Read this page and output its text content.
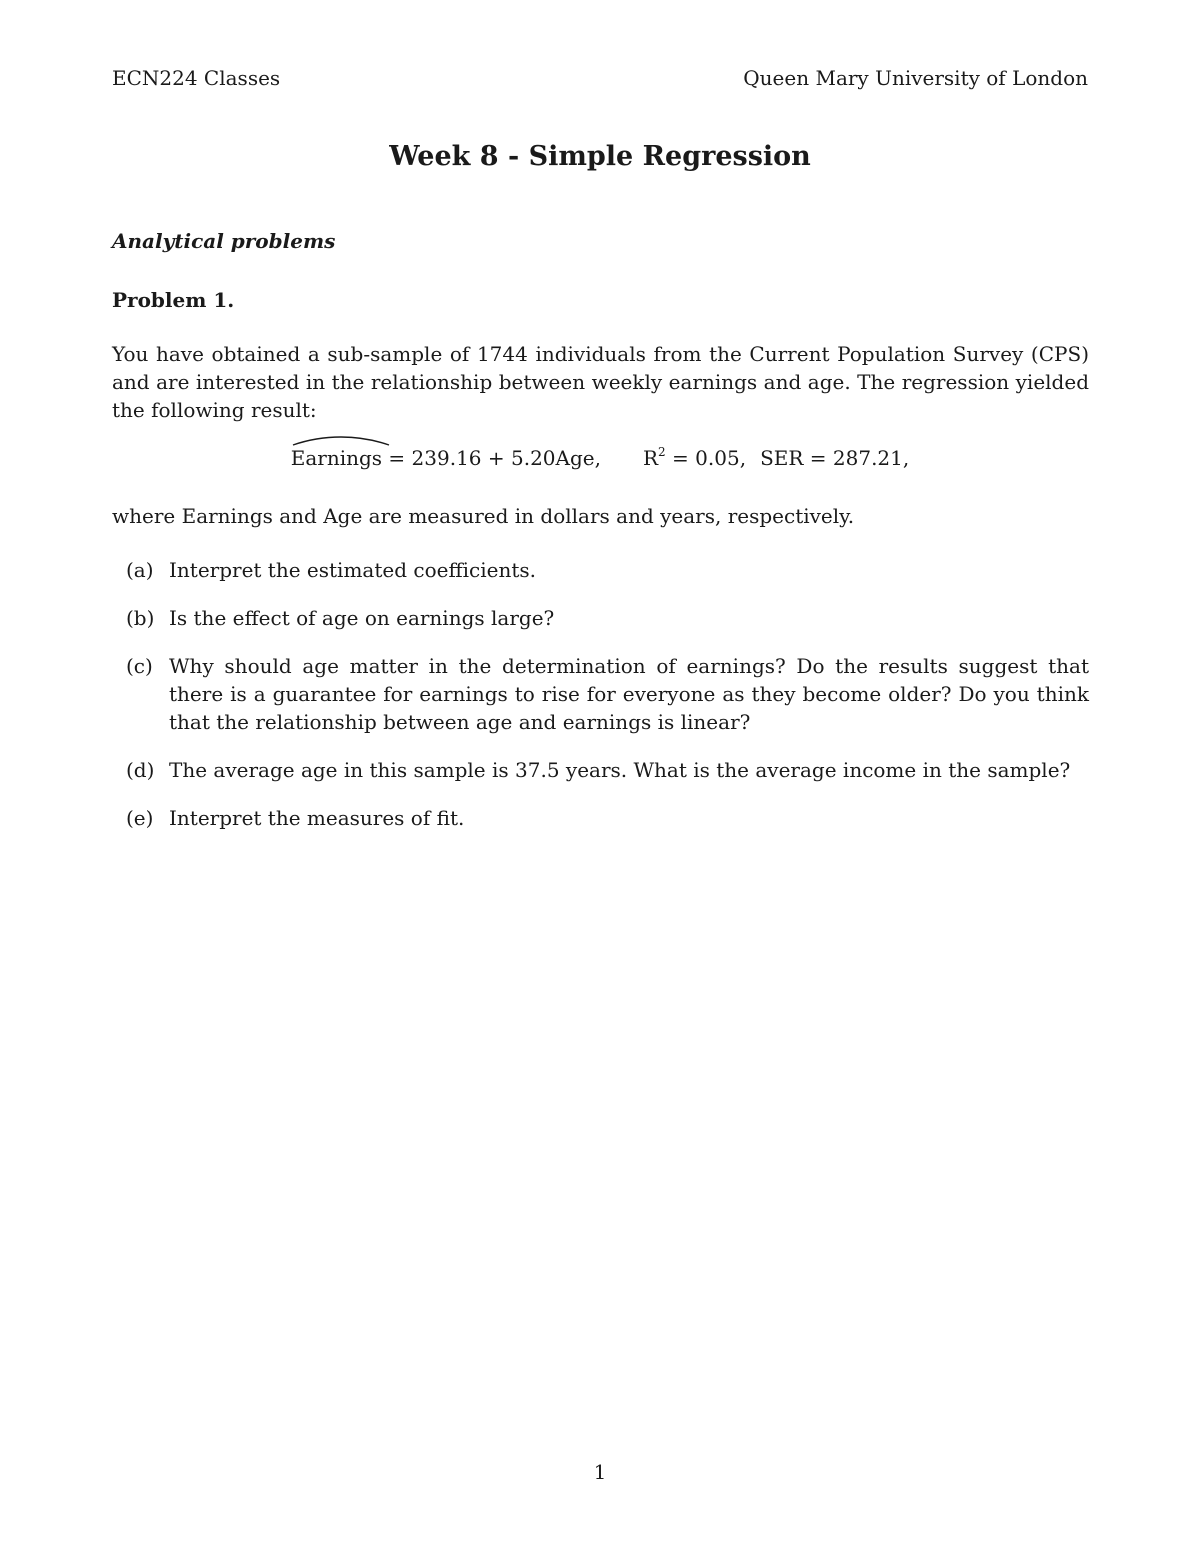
ECN224 Classes	Queen Mary University of London
Week 8 - Simple Regression
Analytical problems
Problem 1.
You have obtained a sub-sample of 1744 individuals from the Current Population Survey (CPS) and are interested in the relationship between weekly earnings and age. The regression yielded the following result:
Earnings = 239.16 + 5.20Age, $R^2 = 0.05$, SER = 287.21,
where Earnings and Age are measured in dollars and years, respectively.
(a) Interpret the estimated coefficients.
(b) Is the effect of age on earnings large?
(c) Why should age matter in the determination of earnings? Do the results suggest that there is a guarantee for earnings to rise for everyone as they become older? Do you think that the relationship between age and earnings is linear?
(d) The average age in this sample is 37.5 years. What is the average income in the sample?
(e) Interpret the measures of fit.
1
